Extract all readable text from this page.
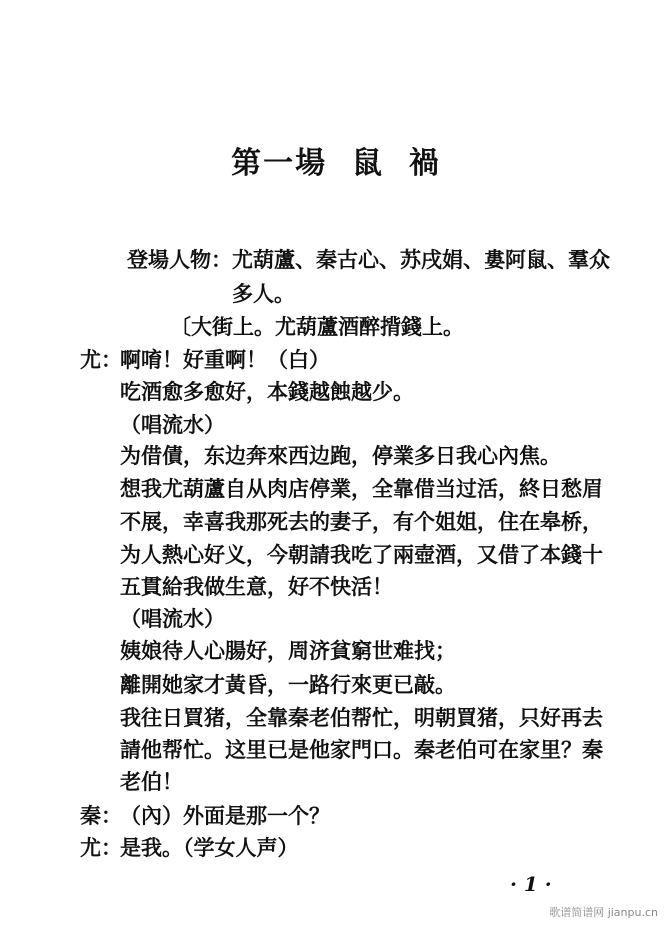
第一場  鼠  禍
登場人物：尤葫蘆、秦古心、苏戌娟、婁阿鼠、羣众
多人。
〔大街上。尤葫蘆酒醉揹錢上。
尤：啊唷！好重啊！（白）
吃酒愈多愈好，本錢越蝕越少。
（唱流水）
为借債，东边奔來西边跑，停業多日我心內焦。
想我尤葫蘆自从肉店停業，全靠借当过活，終日愁眉
不展，幸喜我那死去的妻子，有个姐姐，住在皋桥，
为人熱心好义，今朝請我吃了兩壺酒，又借了本錢十
五貫給我做生意，好不快活！
（唱流水）
姨娘待人心腸好，周济貧窮世难找；
離開她家才黃昏，一路行來更已敲。
我往日買猪，全靠秦老伯帮忙，明朝買猪，只好再去
請他帮忙。这里已是他家門口。秦老伯可在家里？秦
老伯！
秦：（內）外面是那一个？
尤：是我。（学女人声）
· 1 ·
歌谱简谱网 jianpu.cn
